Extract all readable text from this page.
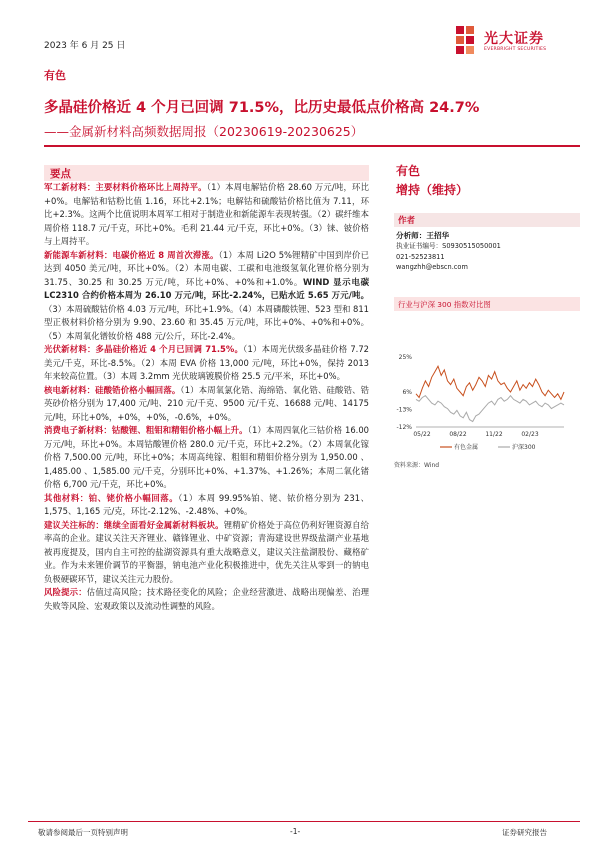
2023 年 6 月 25 日	光大证券
EVERBRIGHT SECURITIES
有色
多晶硅价格近 4 个月已回调 71.5%，比历史最低点价格高 24.7%
——金属新材料高频数据周报（20230619-20230625）
要点

军工新材料：主要材料价格环比上周持平。（1）本周电解钴价格 28.60 万元/吨，环比+0%。电解钴和钴粉比值 1.16，环比+2.1%；电解钴和硫酸钴价格比值为 7.11，环比+2.3%。这两个比值说明本周军工相对于制造业和新能源车表现转强。（2）碳纤维本周价格 118.7 元/千克，环比+0%。毛利 21.44 元/千克，环比+0%。（3）铼、铍价格与上周持平。

新能源车新材料：电碳价格近 8 周首次滞涨。（1）本周 Li2O 5%锂精矿中国到岸价已达到 4050 美元/吨，环比+0%。（2）本周电碳、工碳和电池级氢氧化锂价格分别为 31.75、30.25 和 30.25 万元/吨，环比+0%、+0%和+1.0%。WIND 显示电碳 LC2310 合约价格本周为 26.10 万元/吨，环比-2.24%，已贴水近 5.65 万元/吨。（3）本周硫酸钴价格 4.03 万元/吨，环比+1.9%。（4）本周磷酸铁锂、523 型和 811 型正极材料价格分别为 9.90、23.60 和 35.45 万元/吨，环比+0%、+0%和+0%。（5）本周氧化镨钕价格 488 元/公斤，环比-2.4%。

光伏新材料：多晶硅价格近 4 个月已回调 71.5%。（1）本周光伏级多晶硅价格 7.72 美元/千克，环比-8.5%。（2）本周 EVA 价格 13,000 元/吨，环比+0%，保持 2013 年来较高位置。（3）本周 3.2mm 光伏玻璃镀膜价格 25.5 元/平米，环比+0%。

核电新材料：硅酸锆价格小幅回落。（1）本周氧氯化锆、海绵锆、氧化锆、硅酸锆、锆英砂价格分别为 17,400 元/吨、210 元/千克、9500 元/千克、16688 元/吨、14175 元/吨，环比+0%，+0%，+0%，-0.6%，+0%。

消费电子新材料：钴酸锂、粗钼和精钼价格小幅上升。（1）本周四氧化三钴价格 16.00 万元/吨，环比+0%。本周钴酸锂价格 280.0 元/千克，环比+2.2%。（2）本周氧化镓价格 7,500.00 元/吨，环比+0%；本周高纯镓、粗钼和精钼价格分别为 1,950.00 、1,485.00 、1,585.00 元/千克，分别环比+0%、+1.37%、+1.26%；本周二氧化锗价格 6,700 元/千克，环比+0%。

其他材料：铂、铑价格小幅回落。（1）本周 99.95%铂、铑、铱价格分别为 231、1,575、1,165 元/克，环比-2.12%、-2.48%、+0%。

建议关注标的：继续全面看好金属新材料板块。锂精矿价格处于高位仍利好锂资源自给率高的企业。建议关注天齐锂业、赣锋锂业、中矿资源；青海建设世界级盐湖产业基地被再度提及，国内自主可控的盐湖资源具有重大战略意义，建议关注盐湖股份、藏格矿业。作为未来锂价调节的平衡器，钠电池产业化积极推进中，优先关注从零到一的钠电负极硬碳环节，建议关注元力股份。

风险提示：估值过高风险；技术路径变化的风险；企业经营激进、战略出现偏差、治理失败等风险、宏观政策以及流动性调整的风险。

有色
增持（维持）
作者
分析师：王招华
执业证书编号：S0930515050001
021-52523811
wangzhh@ebscn.com
行业与沪深 300 指数对比图
25%
6%
-12%
-13%
05/22	08/22	11/22	02/23
有色金属	沪深300
资料来源：Wind
敬请参阅最后一页特别声明	-1-	证券研究报告
